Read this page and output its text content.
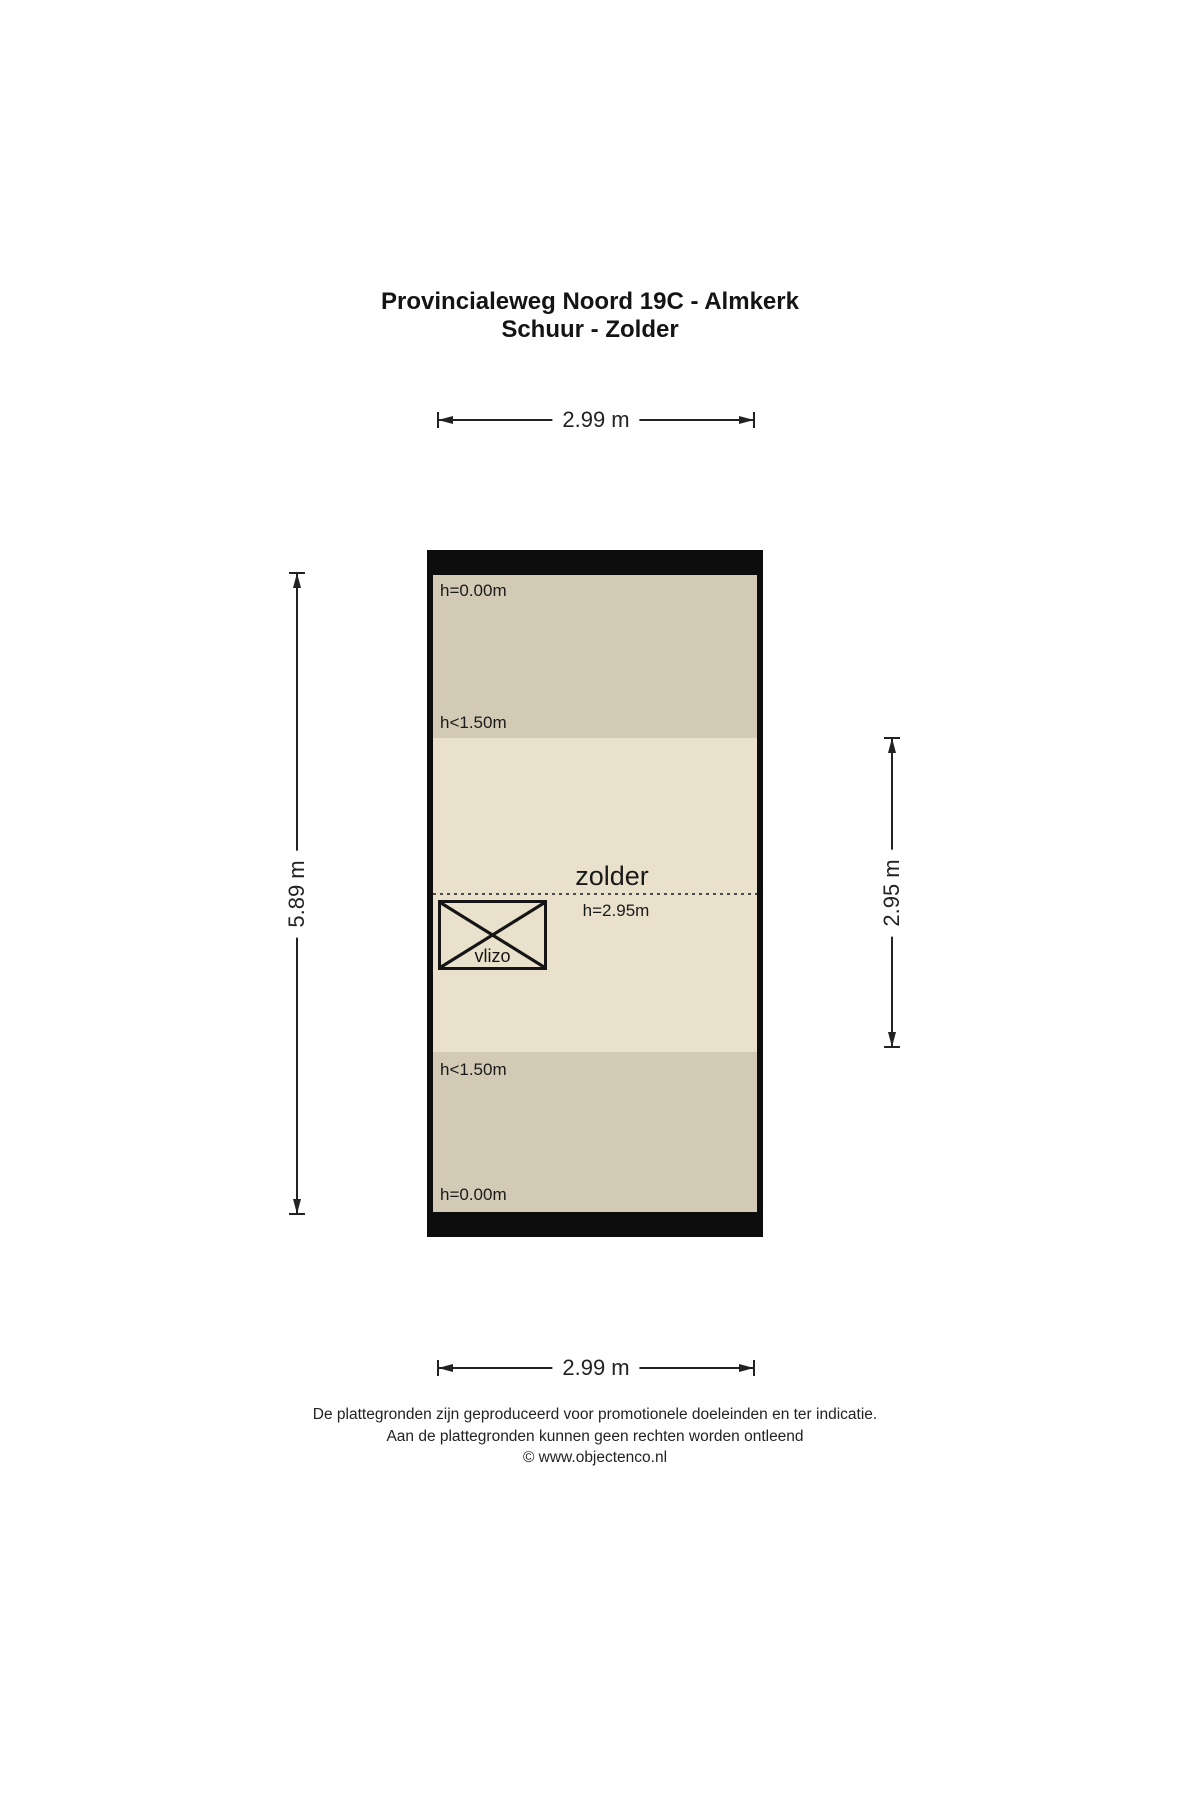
Provincialeweg Noord 19C - Almkerk
Schuur - Zolder
2.99 m
5.89 m	2.95 m
h=0.00m
h<1.50m
zolder
h=2.95m
vlizo
h<1.50m
h=0.00m
2.99 m
De plattegronden zijn geproduceerd voor promotionele doeleinden en ter indicatie.
Aan de plattegronden kunnen geen rechten worden ontleend
© www.objectenco.nl
